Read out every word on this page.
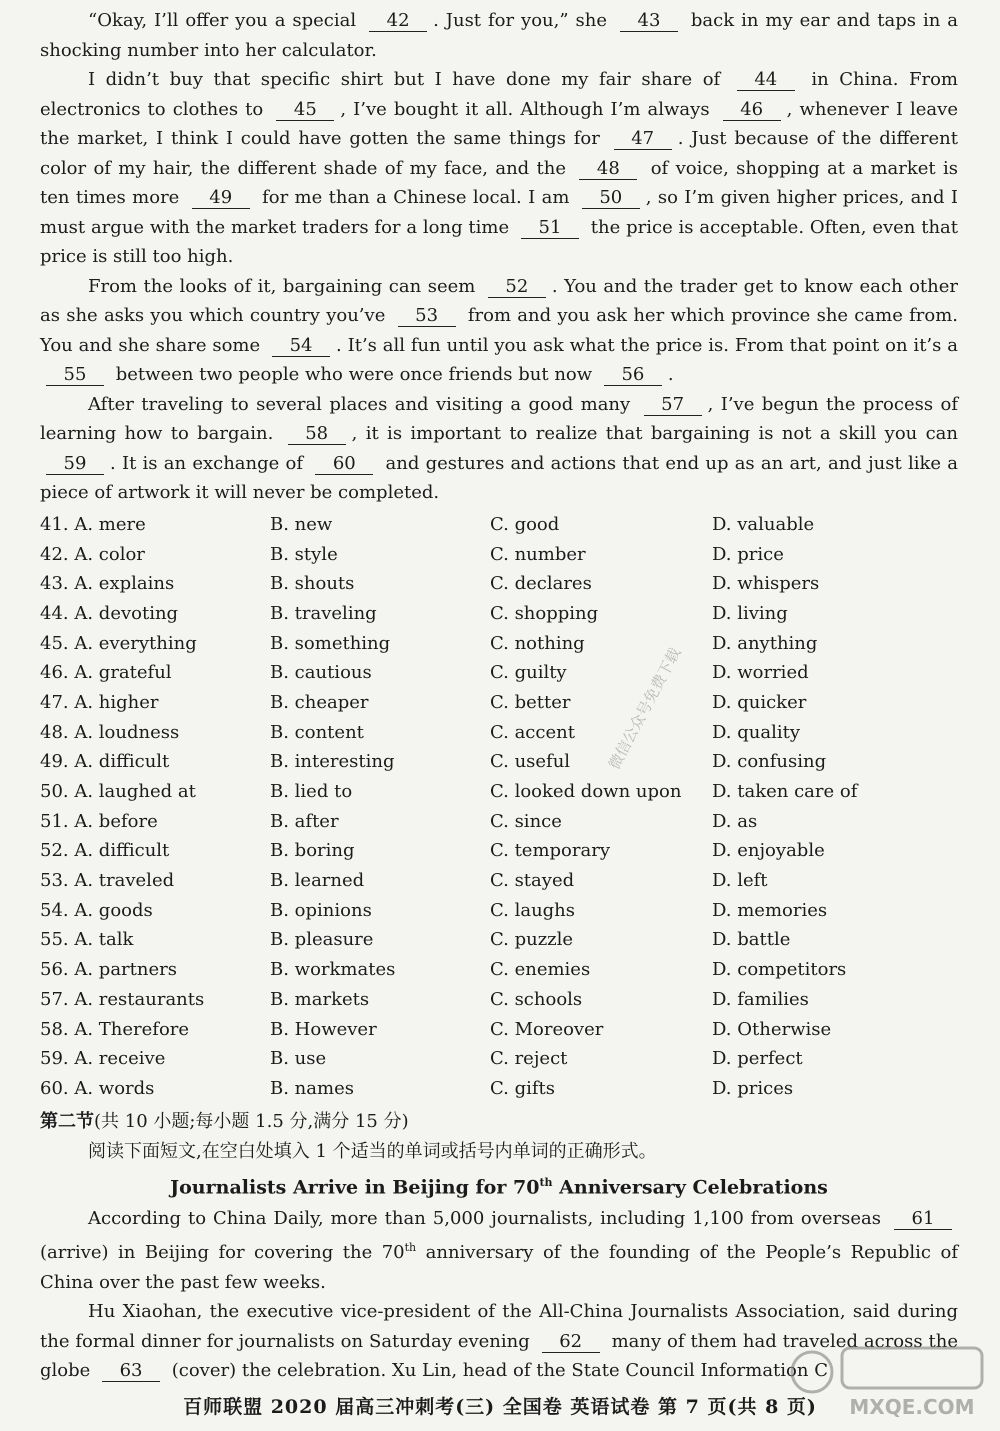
“Okay, I’ll offer you a special 42 . Just for you,” she 43 back in my ear and taps in a shocking number into her calculator.

I didn’t buy that specific shirt but I have done my fair share of 44 in China. From electronics to clothes to 45 , I’ve bought it all. Although I’m always 46 , whenever I leave the market, I think I could have gotten the same things for 47 . Just because of the different color of my hair, the different shade of my face, and the 48 of voice, shopping at a market is ten times more 49 for me than a Chinese local. I am 50 , so I’m given higher prices, and I must argue with the market traders for a long time 51 the price is acceptable. Often, even that price is still too high.

From the looks of it, bargaining can seem 52 . You and the trader get to know each other as she asks you which country you’ve 53 from and you ask her which province she came from. You and she share some 54 . It’s all fun until you ask what the price is. From that point on it’s a 55 between two people who were once friends but now 56 .

After traveling to several places and visiting a good many 57 , I’ve begun the process of learning how to bargain. 58 , it is important to realize that bargaining is not a skill you can 59 . It is an exchange of 60 and gestures and actions that end up as an art, and just like a piece of artwork it will never be completed.

41. A. mere	B. new	C. good	D. valuable
42. A. color	B. style	C. number	D. price
43. A. explains	B. shouts	C. declares	D. whispers
44. A. devoting	B. traveling	C. shopping	D. living
45. A. everything	B. something	C. nothing	D. anything
46. A. grateful	B. cautious	C. guilty	D. worried
47. A. higher	B. cheaper	C. better	D. quicker
48. A. loudness	B. content	C. accent	D. quality
49. A. difficult	B. interesting	C. useful	D. confusing
50. A. laughed at	B. lied to	C. looked down upon	D. taken care of
51. A. before	B. after	C. since	D. as
52. A. difficult	B. boring	C. temporary	D. enjoyable
53. A. traveled	B. learned	C. stayed	D. left
54. A. goods	B. opinions	C. laughs	D. memories
55. A. talk	B. pleasure	C. puzzle	D. battle
56. A. partners	B. workmates	C. enemies	D. competitors
57. A. restaurants	B. markets	C. schools	D. families
58. A. Therefore	B. However	C. Moreover	D. Otherwise
59. A. receive	B. use	C. reject	D. perfect
60. A. words	B. names	C. gifts	D. prices
第二节(共 10 小题;每小题 1.5 分,满分 15 分)

阅读下面短文,在空白处填入 1 个适当的单词或括号内单词的正确形式。

Journalists Arrive in Beijing for 70th Anniversary Celebrations

According to China Daily, more than 5,000 journalists, including 1,100 from overseas 61 (arrive) in Beijing for covering the 70th anniversary of the founding of the People’s Republic of China over the past few weeks.

Hu Xiaohan, the executive vice-president of the All-China Journalists Association, said during the formal dinner for journalists on Saturday evening 62 many of them had traveled across the globe 63 (cover) the celebration. Xu Lin, head of the State Council Information C

微信公众号免费下载
MXQE.COM
百师联盟 2020 届高三冲刺考(三) 全国卷 英语试卷 第 7 页(共 8 页)
